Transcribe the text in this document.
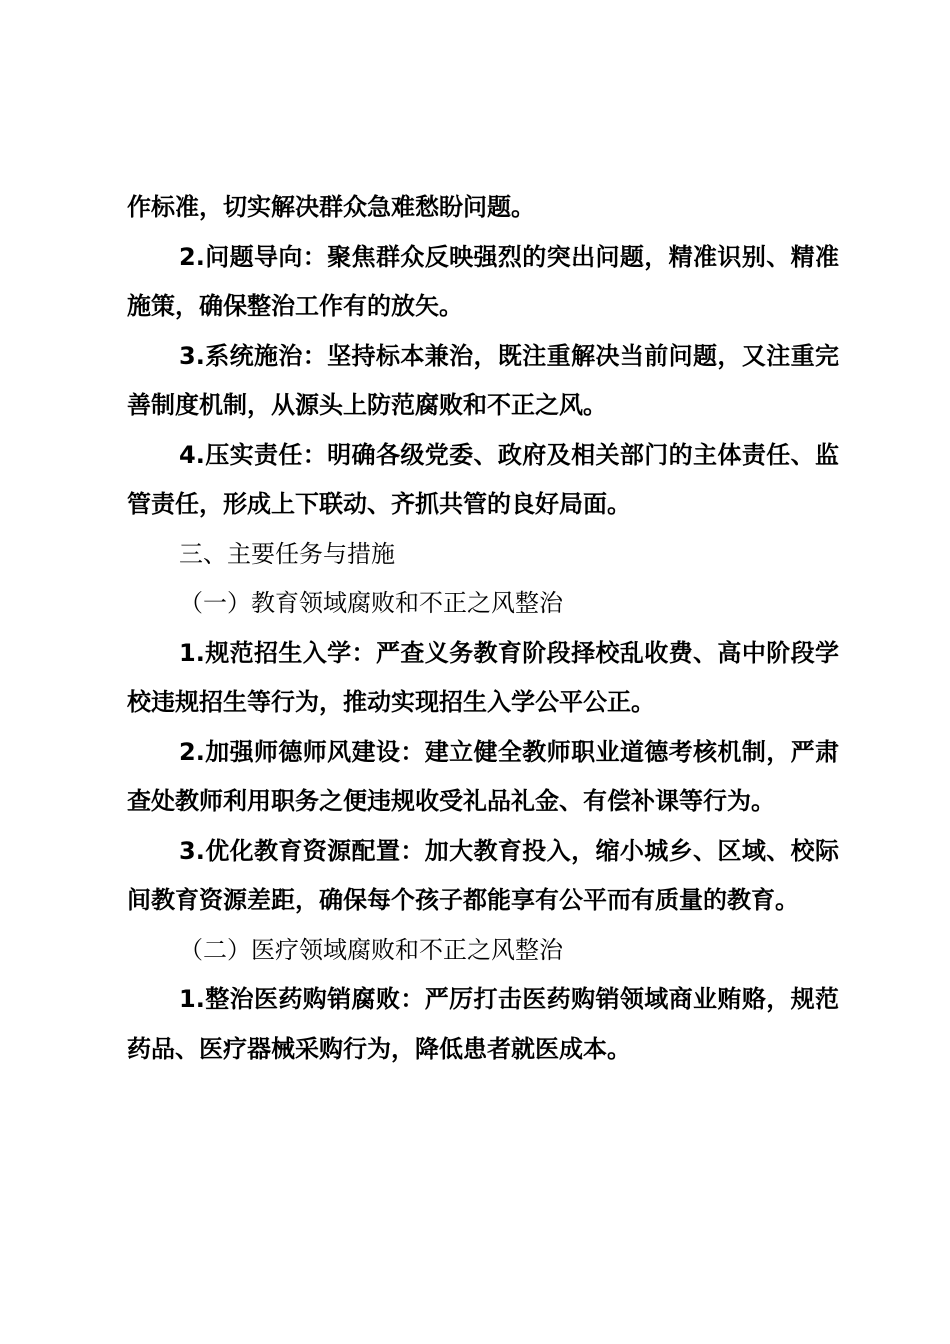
作标准，切实解决群众急难愁盼问题。

2.问题导向：聚焦群众反映强烈的突出问题，精准识别、精准施策，确保整治工作有的放矢。

3.系统施治：坚持标本兼治，既注重解决当前问题，又注重完善制度机制，从源头上防范腐败和不正之风。

4.压实责任：明确各级党委、政府及相关部门的主体责任、监管责任，形成上下联动、齐抓共管的良好局面。

三、主要任务与措施

（一）教育领域腐败和不正之风整治

1.规范招生入学：严查义务教育阶段择校乱收费、高中阶段学校违规招生等行为，推动实现招生入学公平公正。

2.加强师德师风建设：建立健全教师职业道德考核机制，严肃查处教师利用职务之便违规收受礼品礼金、有偿补课等行为。

3.优化教育资源配置：加大教育投入，缩小城乡、区域、校际间教育资源差距，确保每个孩子都能享有公平而有质量的教育。

（二）医疗领域腐败和不正之风整治

1.整治医药购销腐败：严厉打击医药购销领域商业贿赂，规范药品、医疗器械采购行为，降低患者就医成本。
